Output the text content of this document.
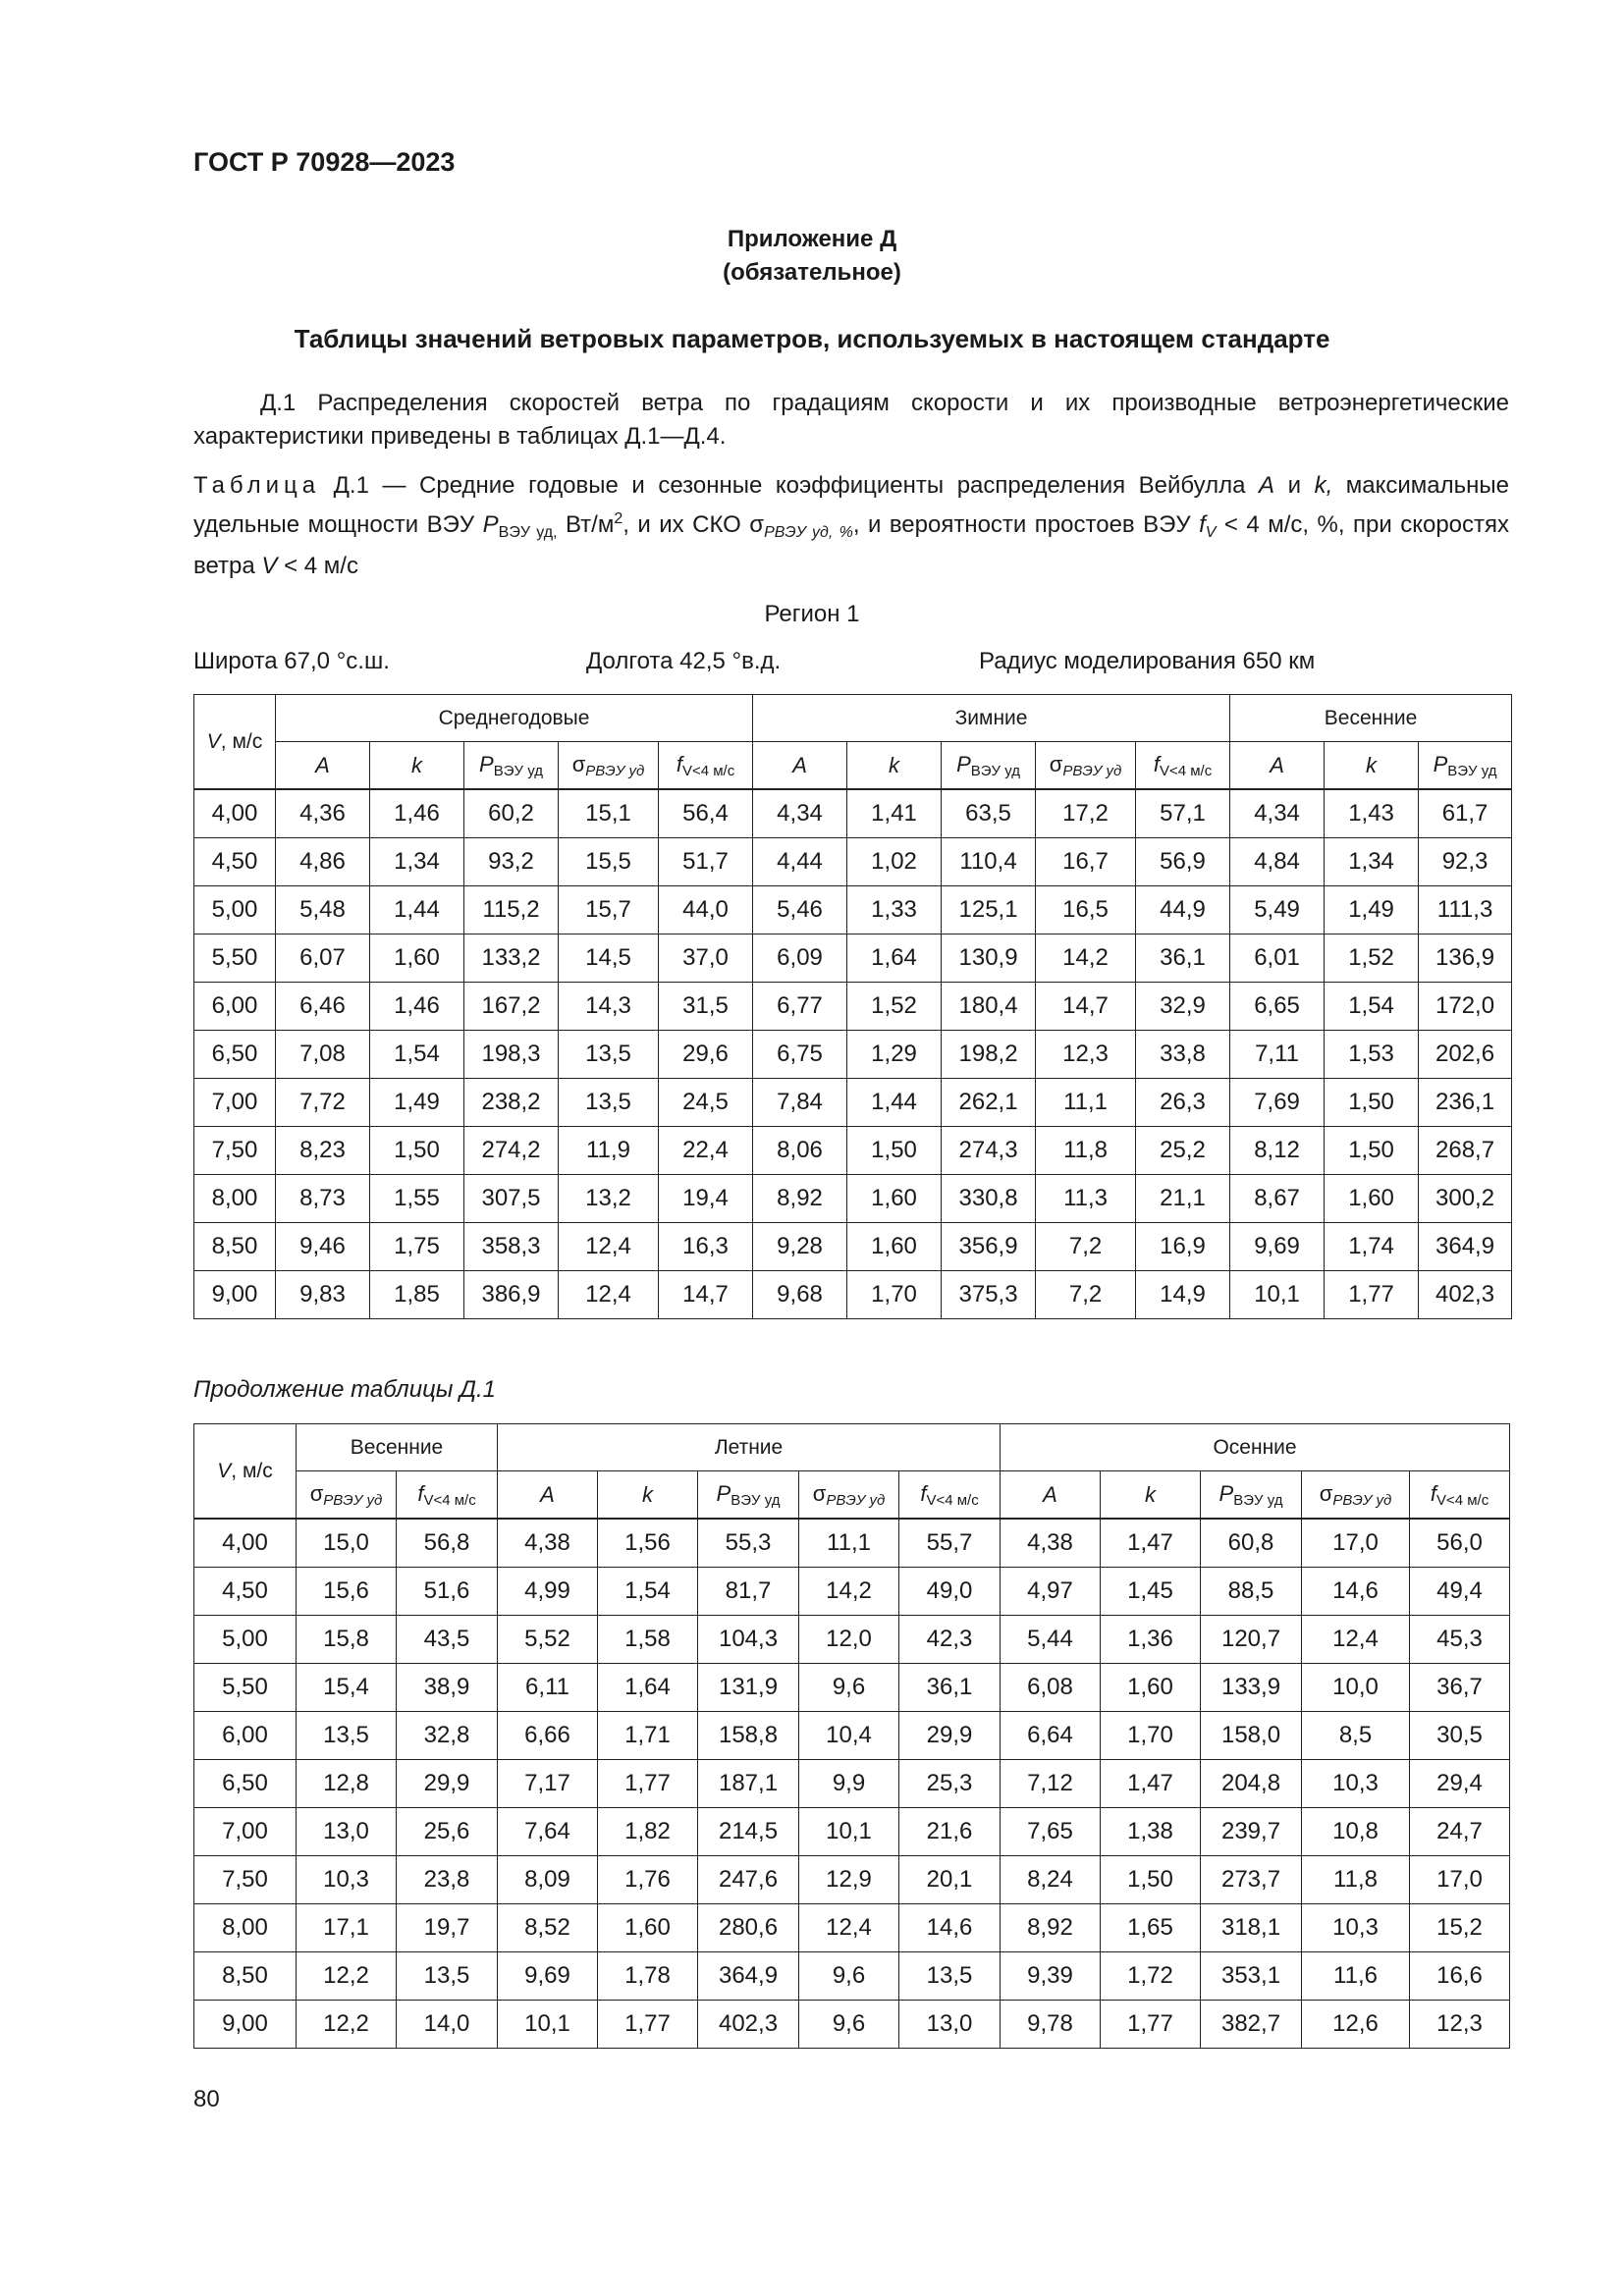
ГОСТ Р 70928—2023
Приложение Д
(обязательное)
Таблицы значений ветровых параметров, используемых в настоящем стандарте
Д.1 Распределения скоростей ветра по градациям скорости и их производные ветроэнергетические характеристики приведены в таблицах Д.1—Д.4.
Таблица Д.1 — Средние годовые и сезонные коэффициенты распределения Вейбулла A и k, максимальные удельные мощности ВЭУ $P_{ВЭУ уд,}$ $Вт/м^2$, и их СКО $\sigma_{PВЭУ уд, \%}$, и вероятности простоев ВЭУ $f_V < 4$ м/с, %, при скоростях ветра V < 4 м/с
Регион 1
Широта 67,0 °с.ш.	Долгота 42,5 °в.д.	Радиус моделирования 650 км
V, м/с	Среднегодовые					Зимние					Весенние		
	A	k	PВЭУ уд	σPВЭУ уд	fV<4 м/с	A	k	PВЭУ уд	σPВЭУ уд	fV<4 м/с	A	k	PВЭУ уд
4,00	4,36	1,46	60,2	15,1	56,4	4,34	1,41	63,5	17,2	57,1	4,34	1,43	61,7
4,50	4,86	1,34	93,2	15,5	51,7	4,44	1,02	110,4	16,7	56,9	4,84	1,34	92,3
5,00	5,48	1,44	115,2	15,7	44,0	5,46	1,33	125,1	16,5	44,9	5,49	1,49	111,3
5,50	6,07	1,60	133,2	14,5	37,0	6,09	1,64	130,9	14,2	36,1	6,01	1,52	136,9
6,00	6,46	1,46	167,2	14,3	31,5	6,77	1,52	180,4	14,7	32,9	6,65	1,54	172,0
6,50	7,08	1,54	198,3	13,5	29,6	6,75	1,29	198,2	12,3	33,8	7,11	1,53	202,6
7,00	7,72	1,49	238,2	13,5	24,5	7,84	1,44	262,1	11,1	26,3	7,69	1,50	236,1
7,50	8,23	1,50	274,2	11,9	22,4	8,06	1,50	274,3	11,8	25,2	8,12	1,50	268,7
8,00	8,73	1,55	307,5	13,2	19,4	8,92	1,60	330,8	11,3	21,1	8,67	1,60	300,2
8,50	9,46	1,75	358,3	12,4	16,3	9,28	1,60	356,9	7,2	16,9	9,69	1,74	364,9
9,00	9,83	1,85	386,9	12,4	14,7	9,68	1,70	375,3	7,2	14,9	10,1	1,77	402,3
Продолжение таблицы Д.1
V, м/с	Весенние		Летние					Осенние				
	σPВЭУ уд	fV<4 м/с	A	k	PВЭУ уд	σPВЭУ уд	fV<4 м/с	A	k	PВЭУ уд	σPВЭУ уд	fV<4 м/с
4,00	15,0	56,8	4,38	1,56	55,3	11,1	55,7	4,38	1,47	60,8	17,0	56,0
4,50	15,6	51,6	4,99	1,54	81,7	14,2	49,0	4,97	1,45	88,5	14,6	49,4
5,00	15,8	43,5	5,52	1,58	104,3	12,0	42,3	5,44	1,36	120,7	12,4	45,3
5,50	15,4	38,9	6,11	1,64	131,9	9,6	36,1	6,08	1,60	133,9	10,0	36,7
6,00	13,5	32,8	6,66	1,71	158,8	10,4	29,9	6,64	1,70	158,0	8,5	30,5
6,50	12,8	29,9	7,17	1,77	187,1	9,9	25,3	7,12	1,47	204,8	10,3	29,4
7,00	13,0	25,6	7,64	1,82	214,5	10,1	21,6	7,65	1,38	239,7	10,8	24,7
7,50	10,3	23,8	8,09	1,76	247,6	12,9	20,1	8,24	1,50	273,7	11,8	17,0
8,00	17,1	19,7	8,52	1,60	280,6	12,4	14,6	8,92	1,65	318,1	10,3	15,2
8,50	12,2	13,5	9,69	1,78	364,9	9,6	13,5	9,39	1,72	353,1	11,6	16,6
9,00	12,2	14,0	10,1	1,77	402,3	9,6	13,0	9,78	1,77	382,7	12,6	12,3
80
